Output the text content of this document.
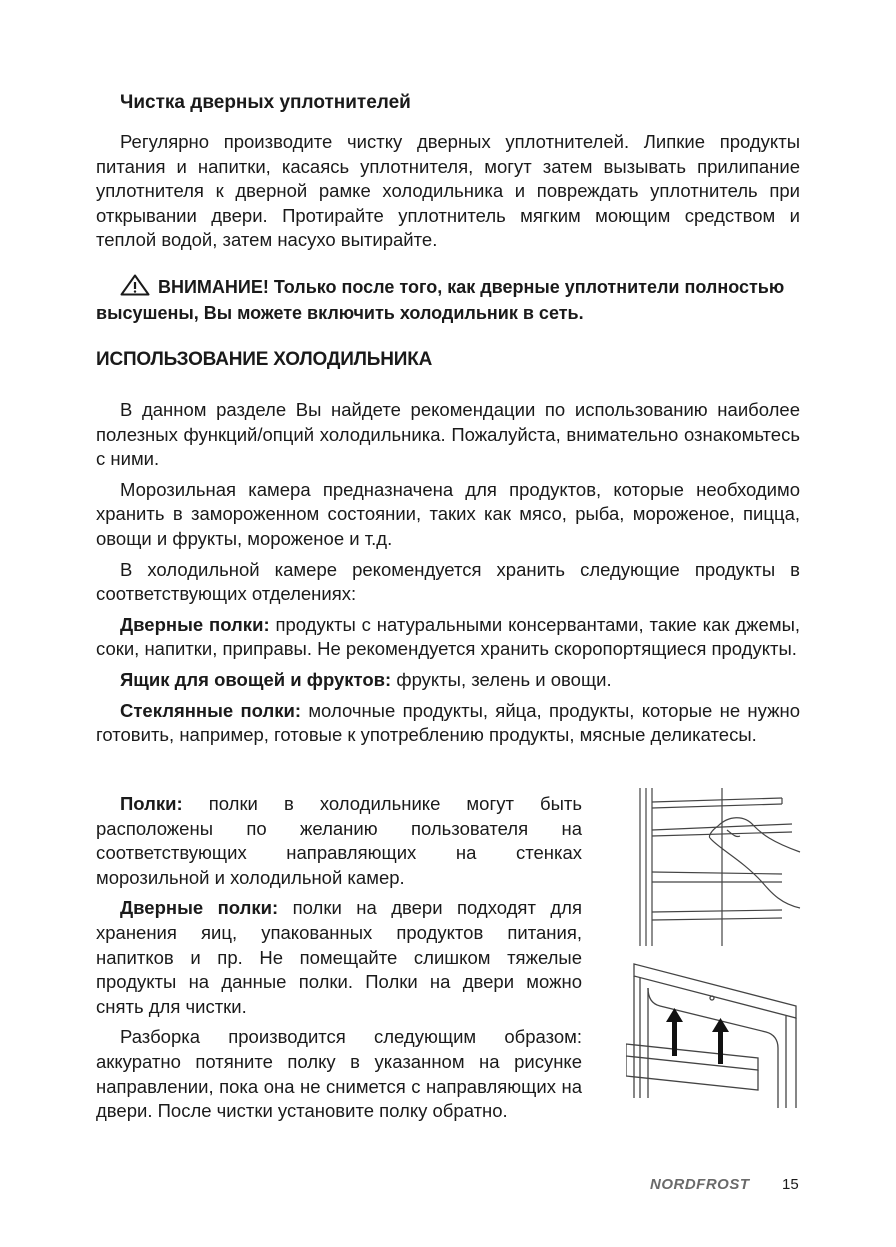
Чистка дверных уплотнителей

Регулярно производите чистку дверных уплотнителей. Липкие продукты питания и напитки, касаясь уплотнителя, могут затем вызывать прилипание уплотнителя к дверной рамке холодильника и повреждать уплотнитель при открывании двери. Протирайте уплотнитель мягким моющим средством и теплой водой, затем насухо вытирайте.

ВНИМАНИЕ! Только после того, как дверные уплотнители полностью высушены, Вы можете включить холодильник в сеть.
ИСПОЛЬЗОВАНИЕ ХОЛОДИЛЬНИКА

В данном разделе Вы найдете рекомендации по использованию наиболее полезных функций/опций холодильника. Пожалуйста, внимательно ознакомьтесь с ними.

Морозильная камера предназначена для продуктов, которые необходимо хранить в замороженном состоянии, таких как мясо, рыба, мороженое, пицца, овощи и фрукты, мороженое и т.д.

В холодильной камере рекомендуется хранить следующие продукты в соответствующих отделениях:

Дверные полки: продукты с натуральными консервантами, такие как джемы, соки, напитки, приправы. Не рекомендуется хранить скоропортящиеся продукты.

Ящик для овощей и фруктов: фрукты, зелень и овощи.

Стеклянные полки: молочные продукты, яйца, продукты, которые не нужно готовить, например, готовые к употреблению продукты, мясные деликатесы.

Полки: полки в холодильнике могут быть расположены по желанию пользователя на соответствующих направляющих на стенках морозильной и холодильной камер.

Дверные полки: полки на двери подходят для хранения яиц, упакованных продуктов питания, напитков и пр. Не помещайте слишком тяжелые продукты на данные полки. Полки на двери можно снять для чистки.

Разборка производится следующим образом: аккуратно потяните полку в указанном на рисунке направлении, пока она не снимется с направляющих на двери. После чистки установите полку обратно.

NORDFROST 15
